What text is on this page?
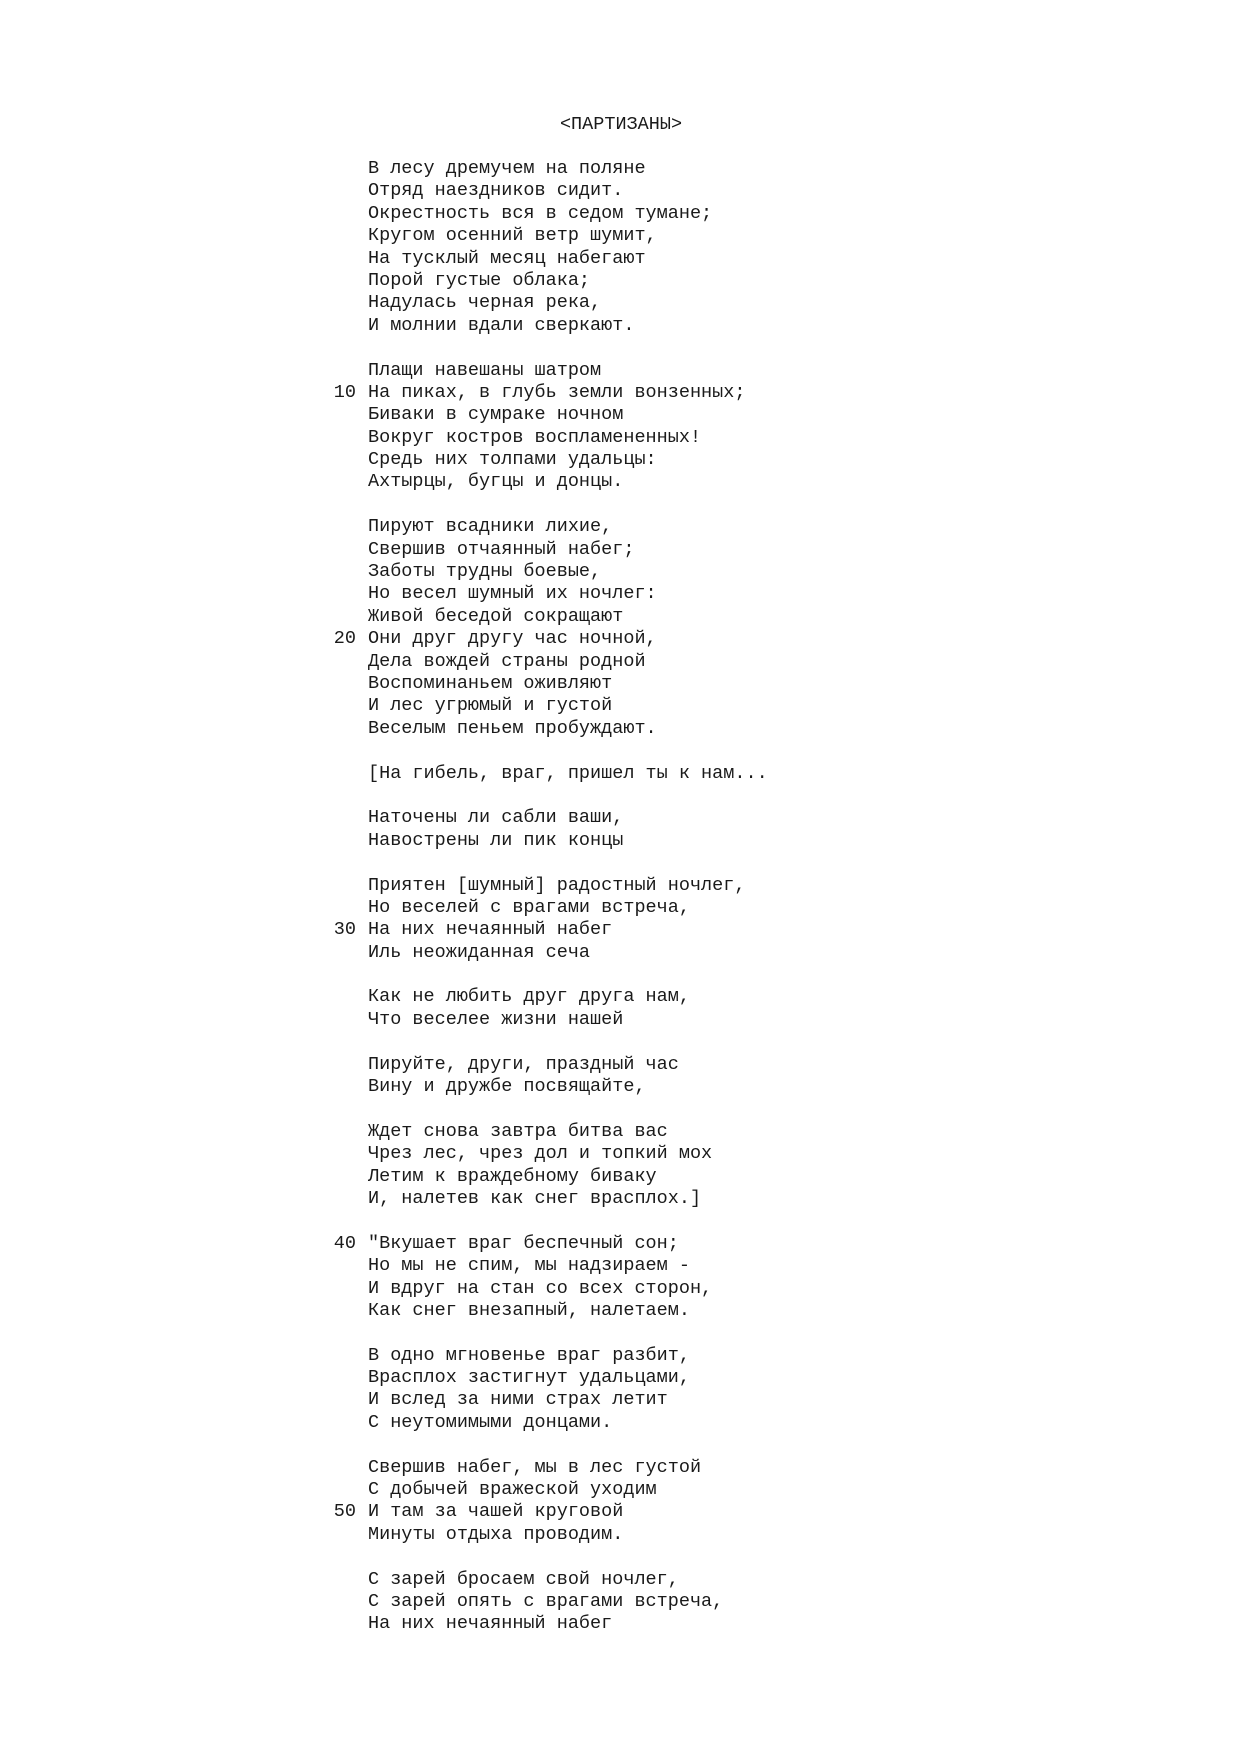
<ПАРТИЗАНЫ>
В лесу дремучем на поляне
Отряд наездников сидит.
Окрестность вся в седом тумане;
Кругом осенний ветр шумит,
На тусклый месяц набегают
Порой густые облака;
Надулась черная река,
И молнии вдали сверкают.
Плащи навешаны шатром
10 На пиках, в глубь земли вонзенных;
Биваки в сумраке ночном
Вокруг костров воспламененных!
Средь них толпами удальцы:
Ахтырцы, бугцы и донцы.
Пируют всадники лихие,
Свершив отчаянный набег;
Заботы трудны боевые,
Но весел шумный их ночлег:
Живой беседой сокращают
20 Они друг другу час ночной,
Дела вождей страны родной
Воспоминаньем оживляют
И лес угрюмый и густой
Веселым пеньем пробуждают.
[На гибель, враг, пришел ты к нам...
Наточены ли сабли ваши,
Навострены ли пик концы
Приятен [шумный] радостный ночлег,
Но веселей с врагами встреча,
30 На них нечаянный набег
Иль неожиданная сеча
Как не любить друг друга нам,
Что веселее жизни нашей
Пируйте, други, праздный час
Вину и дружбе посвящайте,
Ждет снова завтра битва вас
Чрез лес, чрез дол и топкий мох
Летим к враждебному биваку
И, налетев как снег врасплох.]
40 "Вкушает враг беспечный сон;
Но мы не спим, мы надзираем -
И вдруг на стан со всех сторон,
Как снег внезапный, налетаем.
В одно мгновенье враг разбит,
Врасплох застигнут удальцами,
И вслед за ними страх летит
С неутомимыми донцами.
Свершив набег, мы в лес густой
С добычей вражеской уходим
50 И там за чашей круговой
Минуты отдыха проводим.
С зарей бросаем свой ночлег,
С зарей опять с врагами встреча,
На них нечаянный набег
